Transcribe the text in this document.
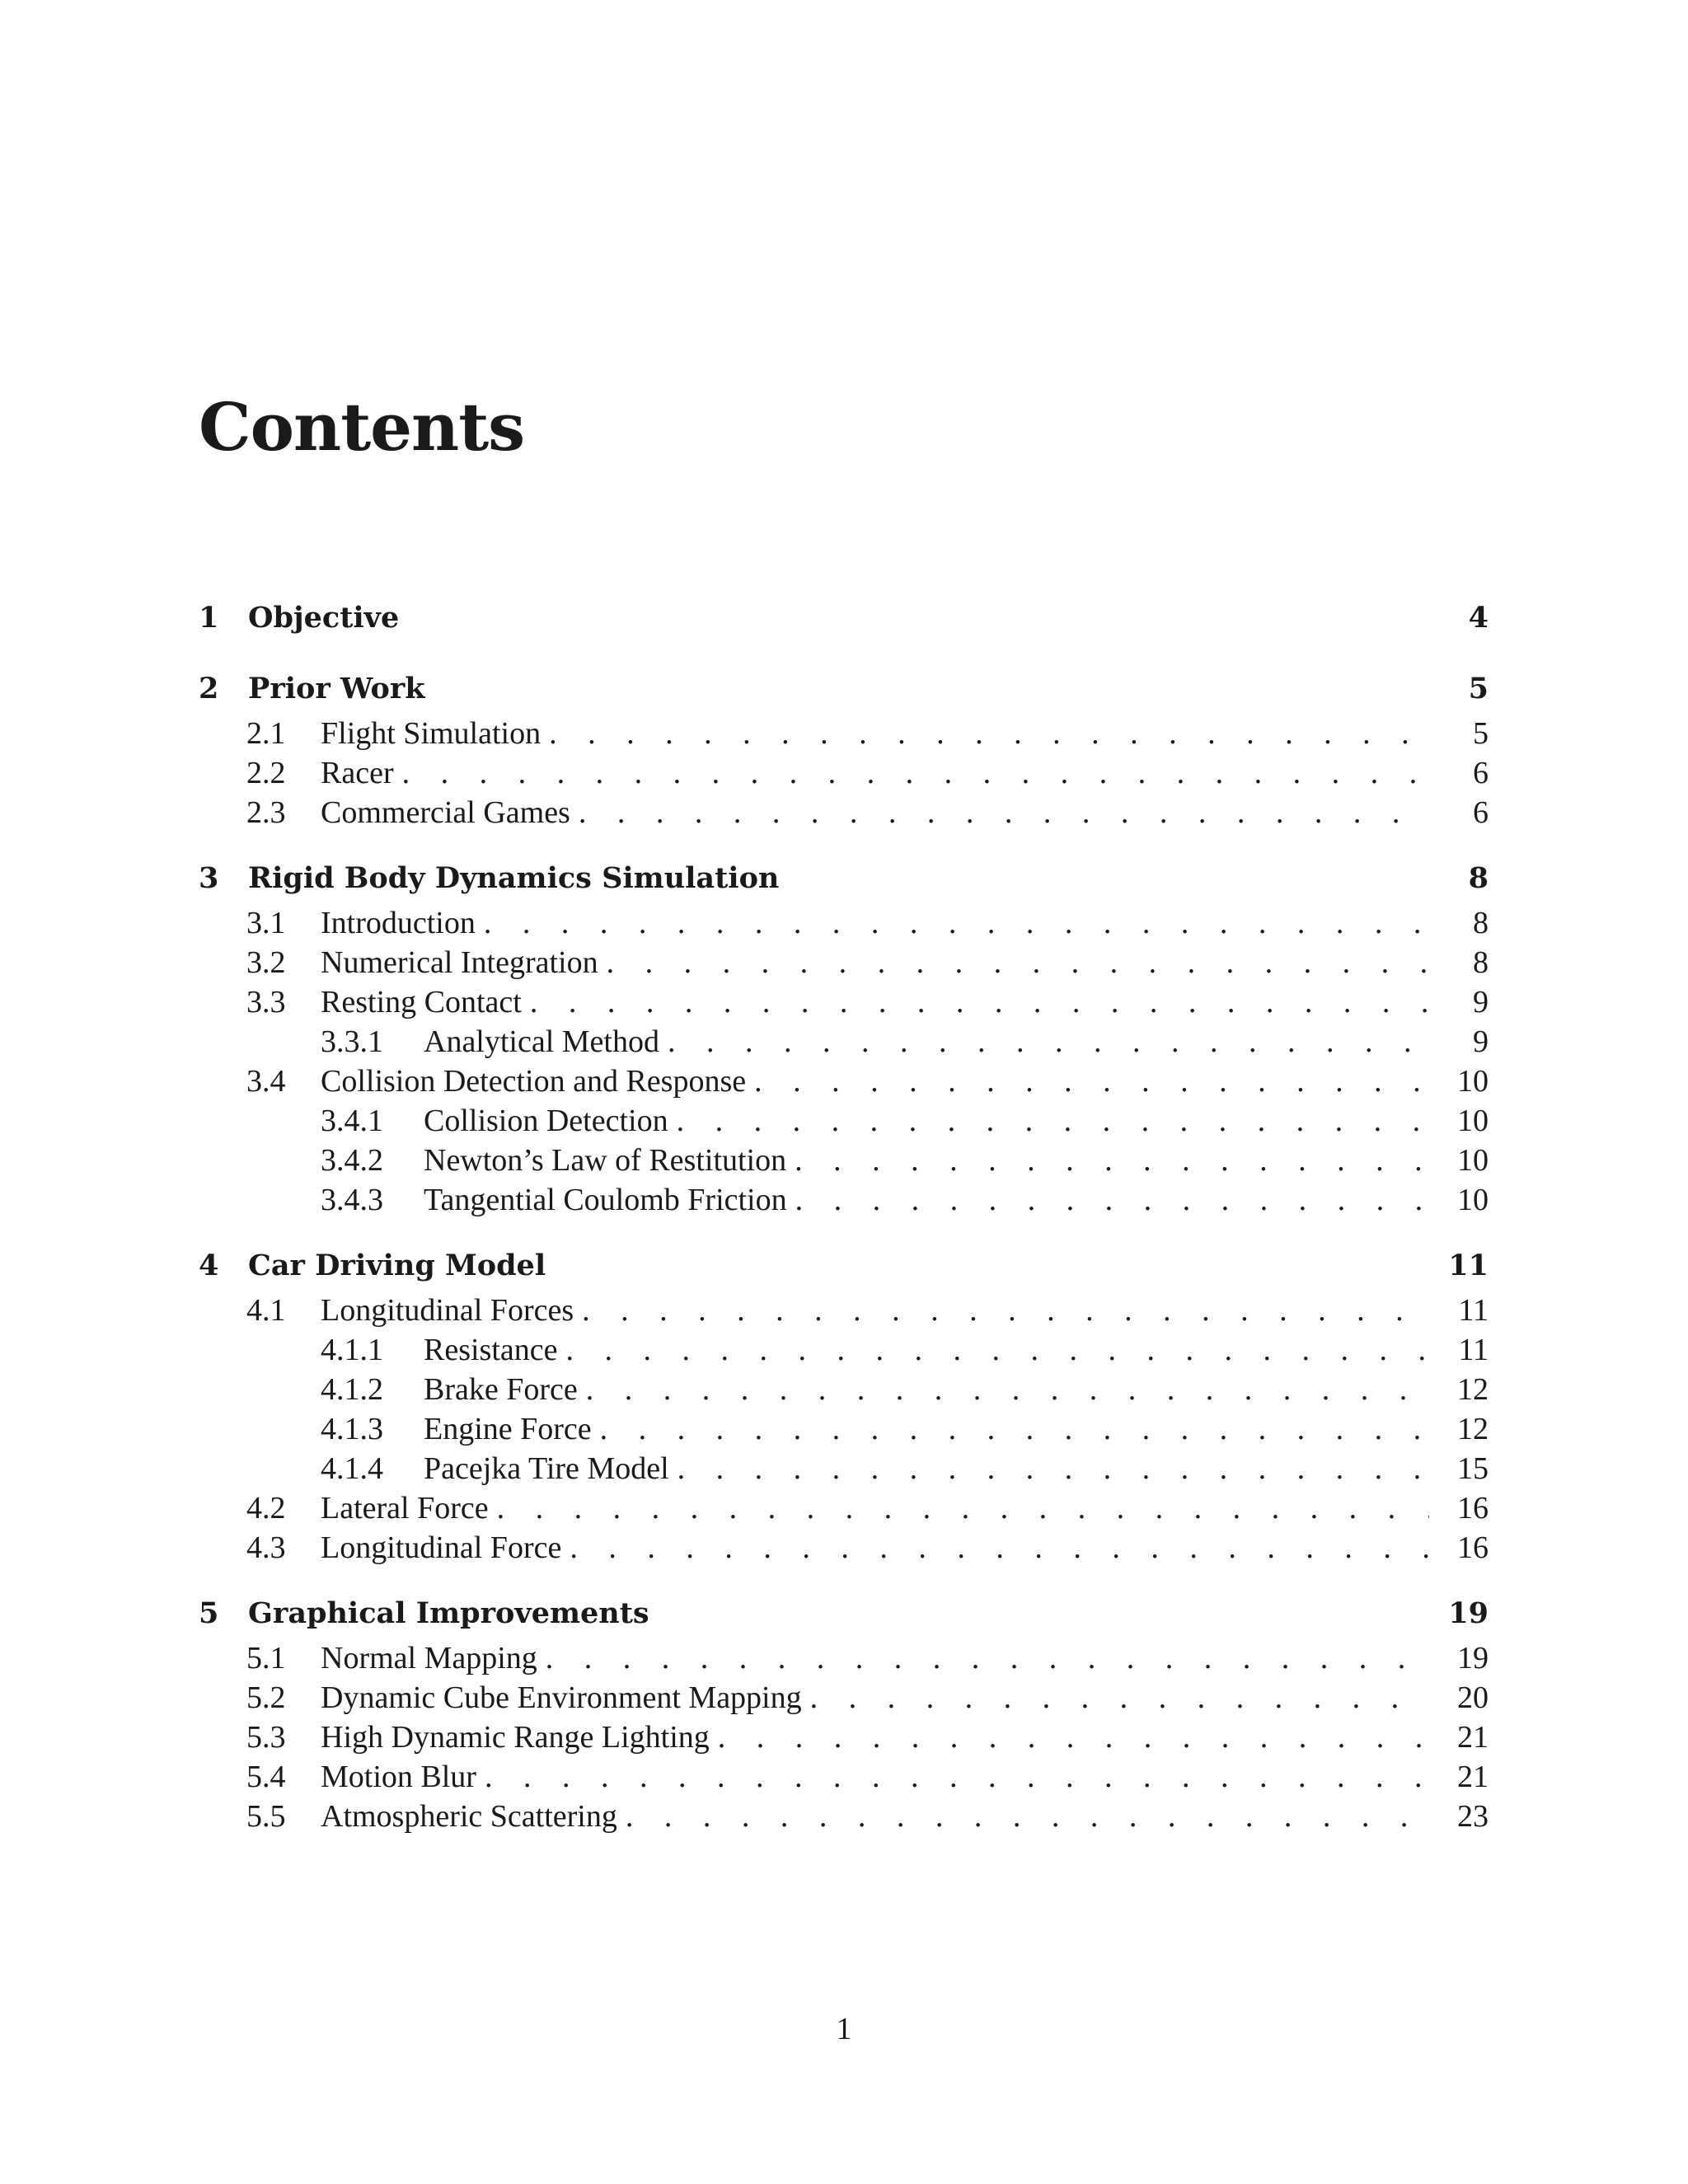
Contents
1	Objective	4
2	Prior Work	5
2.1	Flight Simulation . . .	5
2.2	Racer . . .	6
2.3	Commercial Games . . .	6
3	Rigid Body Dynamics Simulation	8
3.1	Introduction . . .	8
3.2	Numerical Integration . . .	8
3.3	Resting Contact . . .	9
3.3.1	Analytical Method . . .	9
3.4	Collision Detection and Response . . .	10
3.4.1	Collision Detection . . .	10
3.4.2	Newton’s Law of Restitution . . .	10
3.4.3	Tangential Coulomb Friction . . .	10
4	Car Driving Model	11
4.1	Longitudinal Forces . . .	11
4.1.1	Resistance . . .	11
4.1.2	Brake Force . . .	12
4.1.3	Engine Force . . .	12
4.1.4	Pacejka Tire Model . . .	15
4.2	Lateral Force . . .	16
4.3	Longitudinal Force . . .	16
5	Graphical Improvements	19
5.1	Normal Mapping . . .	19
5.2	Dynamic Cube Environment Mapping . . .	20
5.3	High Dynamic Range Lighting . . .	21
5.4	Motion Blur . . .	21
5.5	Atmospheric Scattering . . .	23
1
